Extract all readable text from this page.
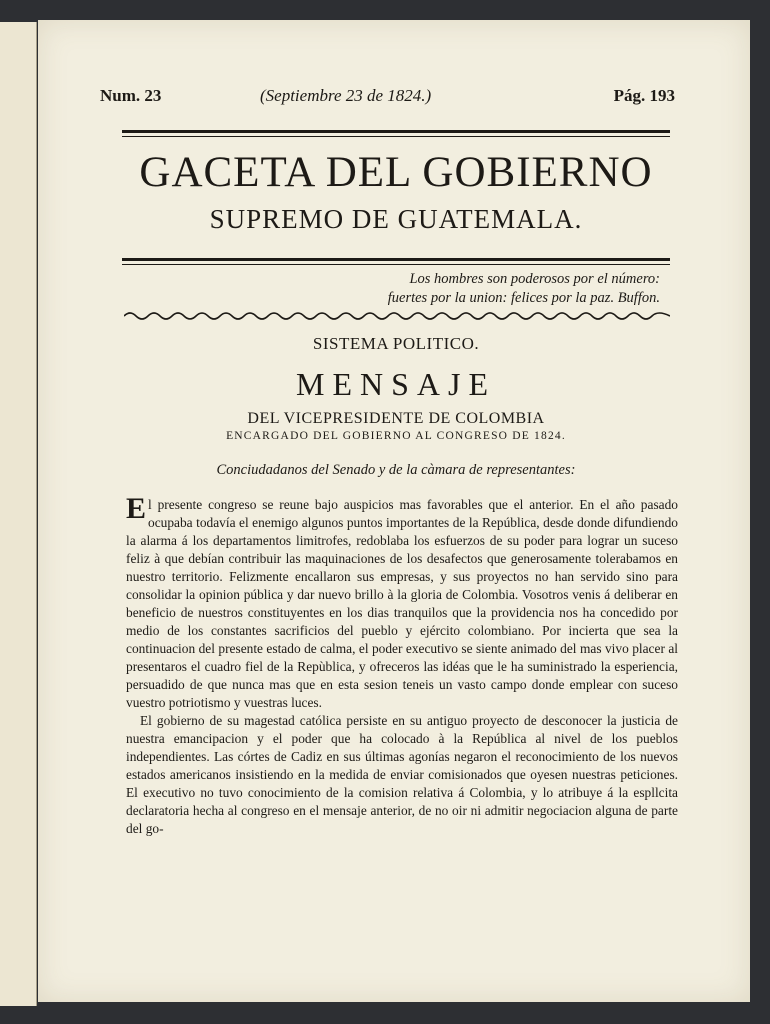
Num. 23	(Septiembre 23 de 1824.)	Pág. 193
GACETA DEL GOBIERNO
SUPREMO DE GUATEMALA.
Los hombres son poderosos por el número:
fuertes por la union: felices por la paz. Buffon.
SISTEMA POLITICO.
MENSAJE
DEL VICEPRESIDENTE DE COLOMBIA
ENCARGADO DEL GOBIERNO AL CONGRESO DE 1824.
Conciudadanos del Senado y de la càmara de representantes:

El presente congreso se reune bajo auspicios mas favorables que el anterior. En el año pasado ocupaba todavía el enemigo algunos puntos importantes de la República, desde donde difundiendo la alarma á los departamentos limitrofes, redoblaba los esfuerzos de su poder para lograr un suceso feliz à que debían contribuir las maquinaciones de los desafectos que generosamente tolerabamos en nuestro territorio. Felizmente encallaron sus empresas, y sus proyectos no han servido sino para consolidar la opinion pública y dar nuevo brillo à la gloria de Colombia. Vosotros venis á deliberar en beneficio de nuestros constituyentes en los dias tranquilos que la providencia nos ha concedido por medio de los constantes sacrificios del pueblo y ejército colombiano. Por incierta que sea la continuacion del presente estado de calma, el poder executivo se siente animado del mas vivo placer al presentaros el cuadro fiel de la Repùblica, y ofreceros las idéas que le ha suministrado la esperiencia, persuadido de que nunca mas que en esta sesion teneis un vasto campo donde emplear con suceso vuestro potriotismo y vuestras luces.

El gobierno de su magestad católica persiste en su antiguo proyecto de desconocer la justicia de nuestra emancipacion y el poder que ha colocado à la República al nivel de los pueblos independientes. Las córtes de Cadiz en sus últimas agonías negaron el reconocimiento de los nuevos estados americanos insistiendo en la medida de enviar comisionados que oyesen nuestras peticiones. El executivo no tuvo conocimiento de la comision relativa á Colombia, y lo atribuye á la espllcita declaratoria hecha al congreso en el mensaje anterior, de no oir ni admitir negociacion alguna de parte del go-
